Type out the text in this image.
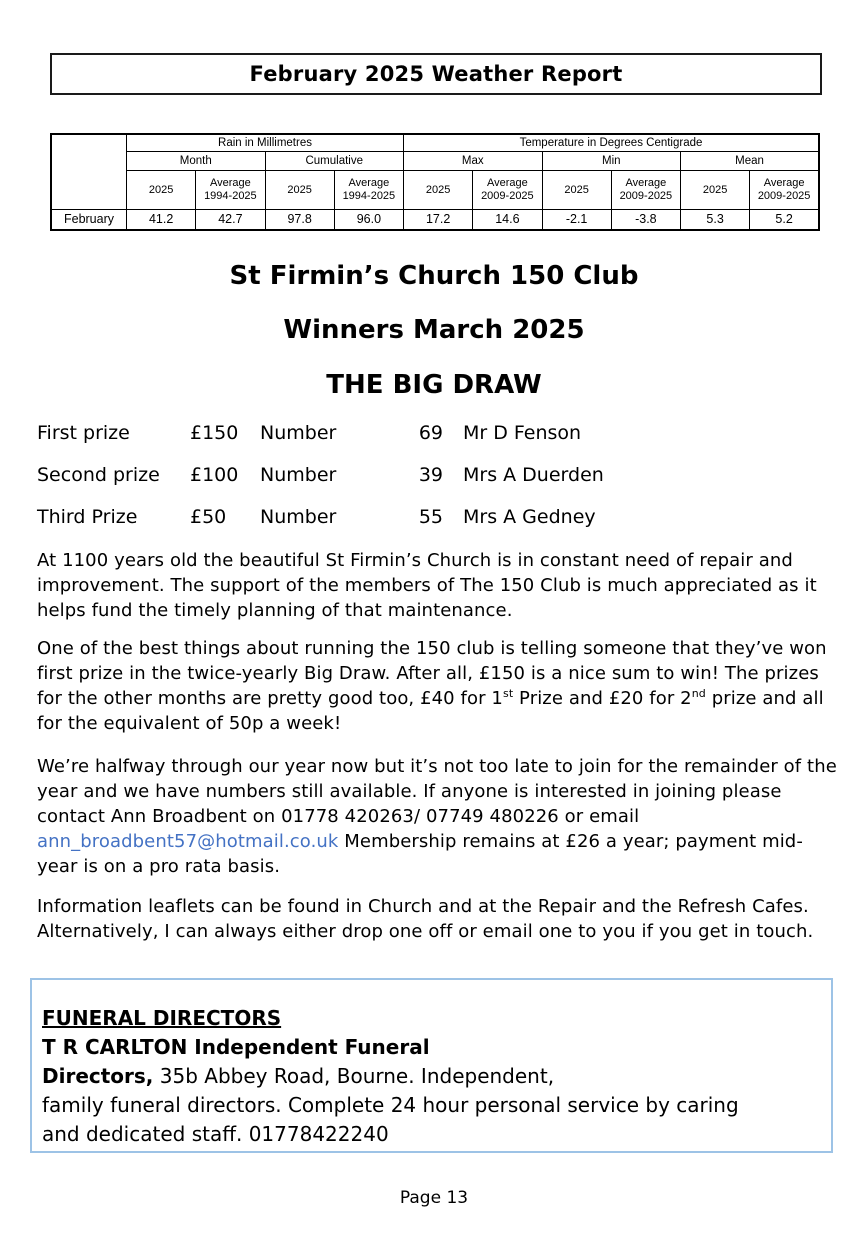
February 2025 Weather Report
	Rain in Millimetres				Temperature in Degrees Centigrade					
	Month		Cumulative		Max		Min		Mean	
	2025	Average 1994-2025	2025	Average 1994-2025	2025	Average 2009-2025	2025	Average 2009-2025	2025	Average 2009-2025
February	41.2	42.7	97.8	96.0	17.2	14.6	-2.1	-3.8	5.3	5.2
St Firmin’s Church 150 Club
Winners March 2025
THE BIG DRAW
First prize	£150	Number	69	Mr D Fenson
Second prize	£100	Number	39	Mrs A Duerden
Third Prize	£50	Number	55	Mrs A Gedney
At 1100 years old the beautiful St Firmin’s Church is in constant need of repair and improvement. The support of the members of The 150 Club is much appreciated as it helps fund the timely planning of that maintenance.
One of the best things about running the 150 club is telling someone that they’ve won first prize in the twice-yearly Big Draw. After all, £150 is a nice sum to win! The prizes for the other months are pretty good too, £40 for 1st Prize and £20 for 2nd prize and all for the equivalent of 50p a week!
We’re halfway through our year now but it’s not too late to join for the remainder of the year and we have numbers still available. If anyone is interested in joining please contact Ann Broadbent on 01778 420263/ 07749 480226 or email ann_broadbent57@hotmail.co.uk Membership remains at £26 a year; payment mid-year is on a pro rata basis.
Information leaflets can be found in Church and at the Repair and the Refresh Cafes. Alternatively, I can always either drop one off or email one to you if you get in touch.
FUNERAL DIRECTORS
T R CARLTON Independent Funeral
Directors, 35b Abbey Road, Bourne. Independent,
family funeral directors. Complete 24 hour personal service by caring
and dedicated staff. 01778422240
Page 13
